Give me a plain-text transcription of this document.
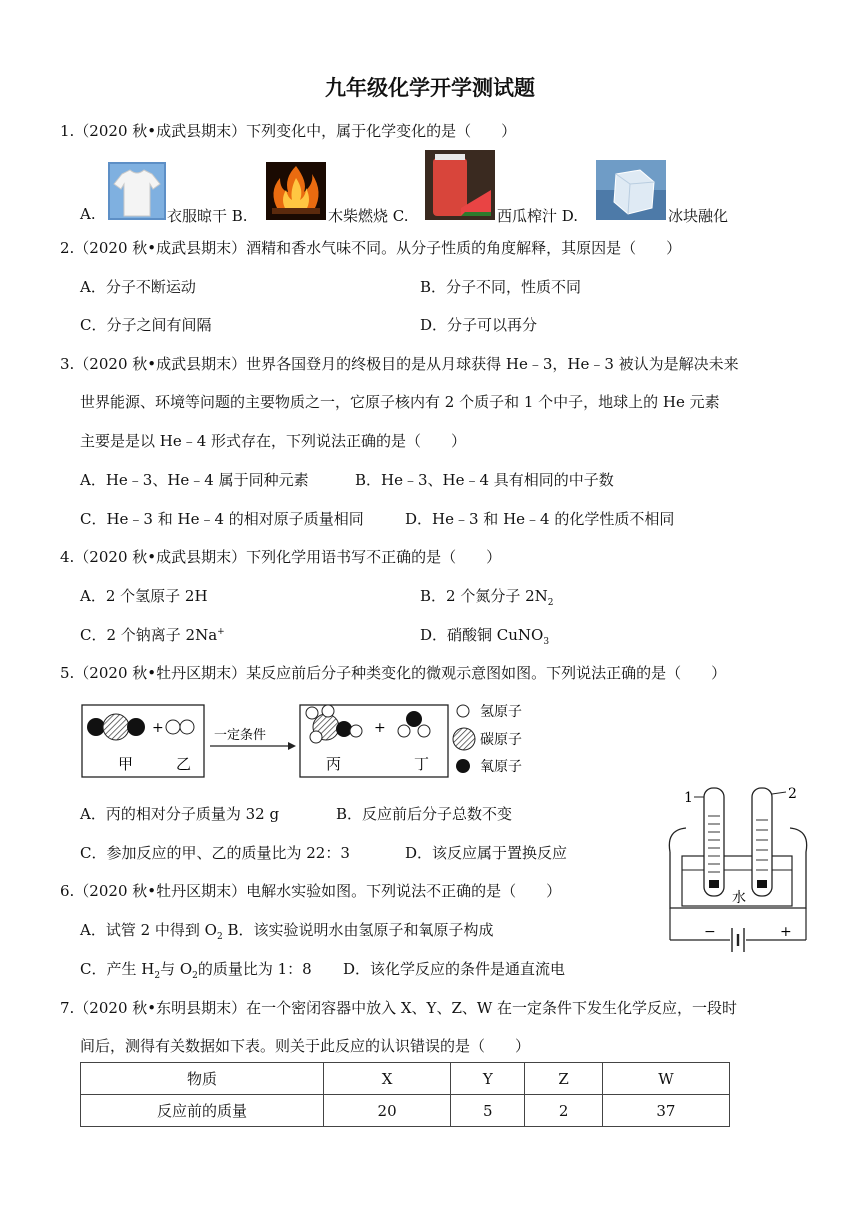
九年级化学开学测试题
1.（2020 秋•成武县期末）下列变化中，属于化学变化的是（　　）
A.	衣服晾干 B.	木柴燃烧 C.	西瓜榨汁 D.	冰块融化
2.（2020 秋•成武县期末）酒精和香水气味不同。从分子性质的角度解释，其原因是（　　）
A．分子不断运动	B．分子不同，性质不同
C．分子之间有间隔	D．分子可以再分
3.（2020 秋•成武县期末）世界各国登月的终极目的是从月球获得 He﹣3，He﹣3 被认为是解决未来
世界能源、环境等问题的主要物质之一，它原子核内有 2 个质子和 1 个中子，地球上的 He 元素
主要是是以 He﹣4 形式存在，下列说法正确的是（　　）
A．He﹣3、He﹣4 属于同种元素	B．He﹣3、He﹣4 具有相同的中子数
C．He﹣3 和 He﹣4 的相对原子质量相同	D．He﹣3 和 He﹣4 的化学性质不相同
4.（2020 秋•成武县期末）下列化学用语书写不正确的是（　　）
A．2 个氢原子 2H	B．2 个氮分子 $2N_2$
C．2 个钠离子 2Na+	D．硝酸铜 CuNO$_3$
5.（2020 秋•牡丹区期末）某反应前后分子种类变化的微观示意图如图。下列说法正确的是（　　）
+
甲	乙
一定条件	+
丙	丁
氢原子
碳原子
氧原子
A．丙的相对分子质量为 32 g	B．反应前后分子总数不变
C．参加反应的甲、乙的质量比为 22：3	D．该反应属于置换反应
1	2
水
−	+
6.（2020 秋•牡丹区期末）电解水实验如图。下列说法不正确的是（　　）
A．试管 2 中得到 $O_2$ B．该实验说明水由氢原子和氧原子构成
C．产生 $H_2$与 $O_2$的质量比为 1：8 D．该化学反应的条件是通直流电
7.（2020 秋•东明县期末）在一个密闭容器中放入 X、Y、Z、W 在一定条件下发生化学反应，一段时
间后，测得有关数据如下表。则关于此反应的认识错误的是（　　）
物质	X	Y	Z	W
反应前的质量	20	5	2	37
